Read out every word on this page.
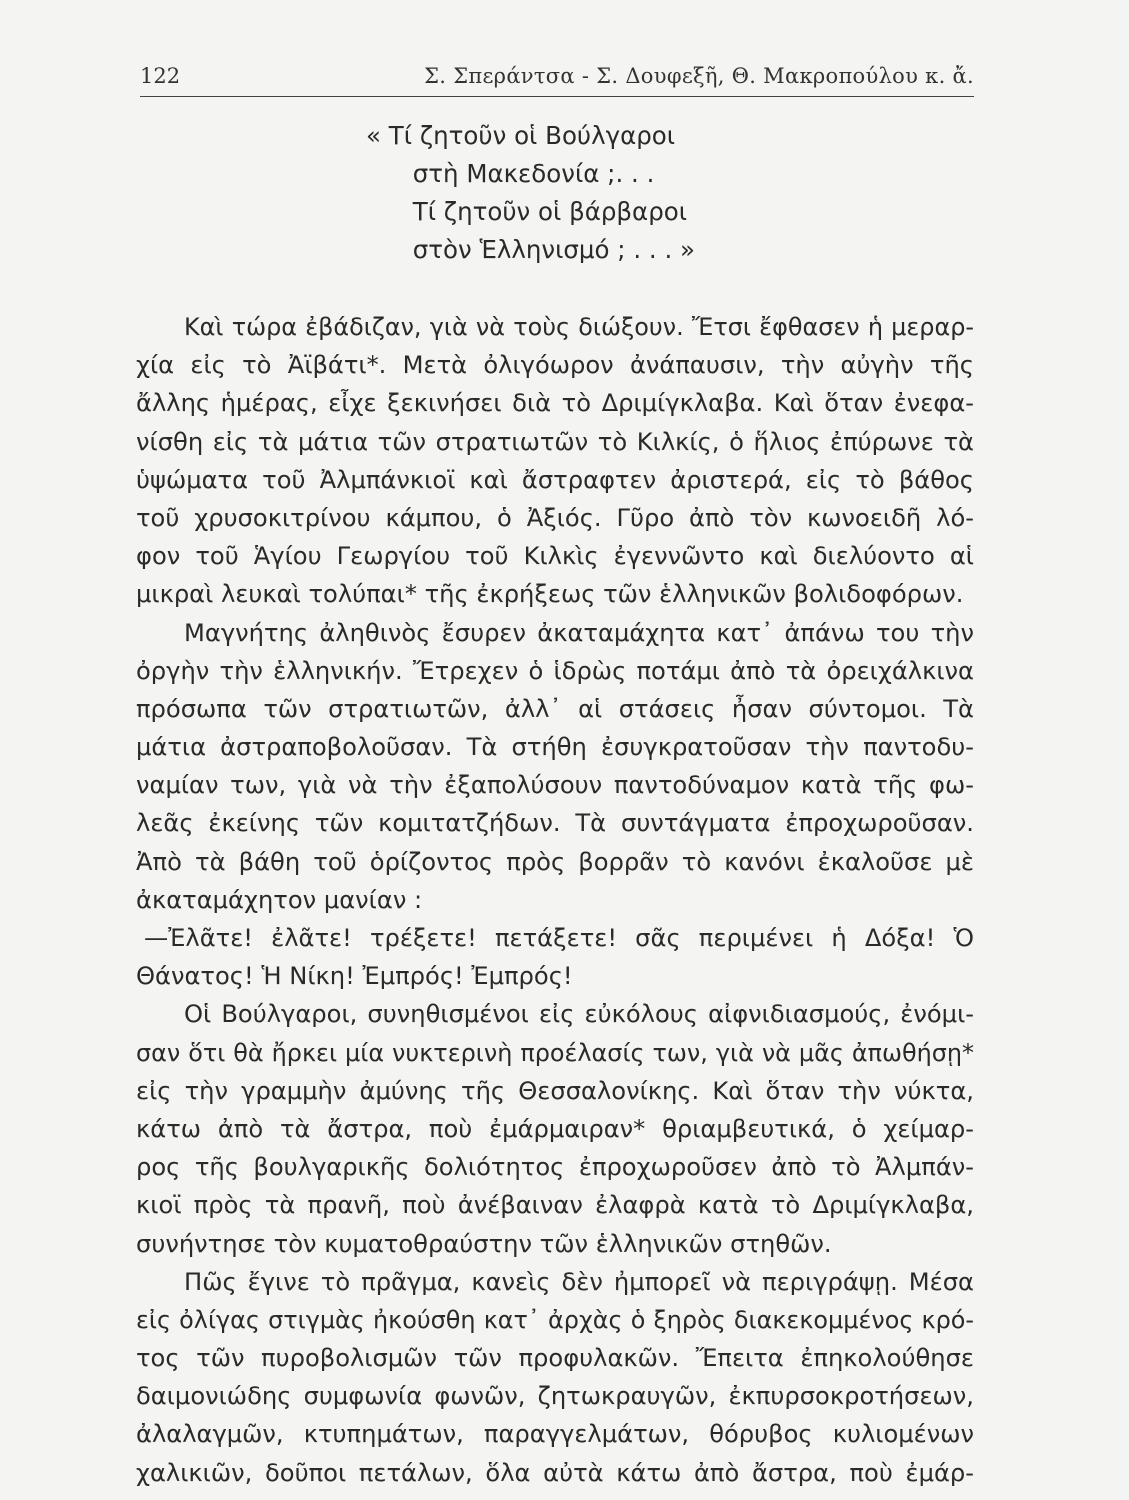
122	Σ. Σπεράντσα - Σ. Δουφεξῆ, Θ. Μακροπούλου κ. ἄ.
« Τί ζητοῦν οἱ Βούλγαροι
στὴ Μακεδονία ;. . .
Τί ζητοῦν οἱ βάρβαροι
στὸν Ἑλληνισμό ; . . . »
Καὶ τώρα ἐβάδιζαν, γιὰ νὰ τοὺς διώξουν. Ἔτσι ἔφθασεν ἡ μεραρ-
χία εἰς τὸ Ἀϊβάτι*. Μετὰ ὀλιγόωρον ἀνάπαυσιν, τὴν αὐγὴν τῆς
ἄλλης ἡμέρας, εἶχε ξεκινήσει διὰ τὸ Δριμίγκλαβα. Καὶ ὅταν ἐνεφα-
νίσθη εἰς τὰ μάτια τῶν στρατιωτῶν τὸ Κιλκίς, ὁ ἥλιος ἐπύρωνε τὰ
ὑψώματα τοῦ Ἀλμπάνκιοϊ καὶ ἄστραφτεν ἀριστερά, εἰς τὸ βάθος
τοῦ χρυσοκιτρίνου κάμπου, ὁ Ἀξιός. Γῦρο ἀπὸ τὸν κωνοειδῆ λό-
φον τοῦ Ἁγίου Γεωργίου τοῦ Κιλκὶς ἐγεννῶντο καὶ διελύοντο αἱ
μικραὶ λευκαὶ τολύπαι* τῆς ἐκρήξεως τῶν ἑλληνικῶν βολιδοφόρων.
Μαγνήτης ἀληθινὸς ἔσυρεν ἀκαταμάχητα κατ᾽ ἀπάνω του τὴν
ὀργὴν τὴν ἑλληνικήν. Ἔτρεχεν ὁ ἱδρὼς ποτάμι ἀπὸ τὰ ὀρειχάλκινα
πρόσωπα τῶν στρατιωτῶν, ἀλλ᾽ αἱ στάσεις ἦσαν σύντομοι. Τὰ
μάτια ἀστραποβολοῦσαν. Τὰ στήθη ἐσυγκρατοῦσαν τὴν παντοδυ-
ναμίαν των, γιὰ νὰ τὴν ἐξαπολύσουν παντοδύναμον κατὰ τῆς φω-
λεᾶς ἐκείνης τῶν κομιτατζήδων. Τὰ συντάγματα ἐπροχωροῦσαν.
Ἀπὸ τὰ βάθη τοῦ ὁρίζοντος πρὸς βορρᾶν τὸ κανόνι ἐκαλοῦσε μὲ
ἀκαταμάχητον μανίαν :
—Ἐλᾶτε! ἐλᾶτε! τρέξετε! πετάξετε! σᾶς περιμένει ἡ Δόξα! Ὁ
Θάνατος! Ἡ Νίκη! Ἐμπρός! Ἐμπρός!
Οἱ Βούλγαροι, συνηθισμένοι εἰς εὐκόλους αἰφνιδιασμούς, ἐνόμι-
σαν ὅτι θὰ ἤρκει μία νυκτερινὴ προέλασίς των, γιὰ νὰ μᾶς ἀπωθήσῃ*
εἰς τὴν γραμμὴν ἀμύνης τῆς Θεσσαλονίκης. Καὶ ὅταν τὴν νύκτα,
κάτω ἀπὸ τὰ ἄστρα, ποὺ ἐμάρμαιραν* θριαμβευτικά, ὁ χείμαρ-
ρος τῆς βουλγαρικῆς δολιότητος ἐπροχωροῦσεν ἀπὸ τὸ Ἀλμπάν-
κιοϊ πρὸς τὰ πρανῆ, ποὺ ἀνέβαιναν ἐλαφρὰ κατὰ τὸ Δριμίγκλαβα,
συνήντησε τὸν κυματοθραύστην τῶν ἑλληνικῶν στηθῶν.
Πῶς ἔγινε τὸ πρᾶγμα, κανεὶς δὲν ἠμπορεῖ νὰ περιγράψῃ. Μέσα
εἰς ὀλίγας στιγμὰς ἠκούσθη κατ᾽ ἀρχὰς ὁ ξηρὸς διακεκομμένος κρό-
τος τῶν πυροβολισμῶν τῶν προφυλακῶν. Ἔπειτα ἐπηκολούθησε
δαιμονιώδης συμφωνία φωνῶν, ζητωκραυγῶν, ἐκπυρσοκροτήσεων,
ἀλαλαγμῶν, κτυπημάτων, παραγγελμάτων, θόρυβος κυλιομένων
χαλικιῶν, δοῦποι πετάλων, ὅλα αὐτὰ κάτω ἀπὸ ἄστρα, ποὺ ἐμάρ-
